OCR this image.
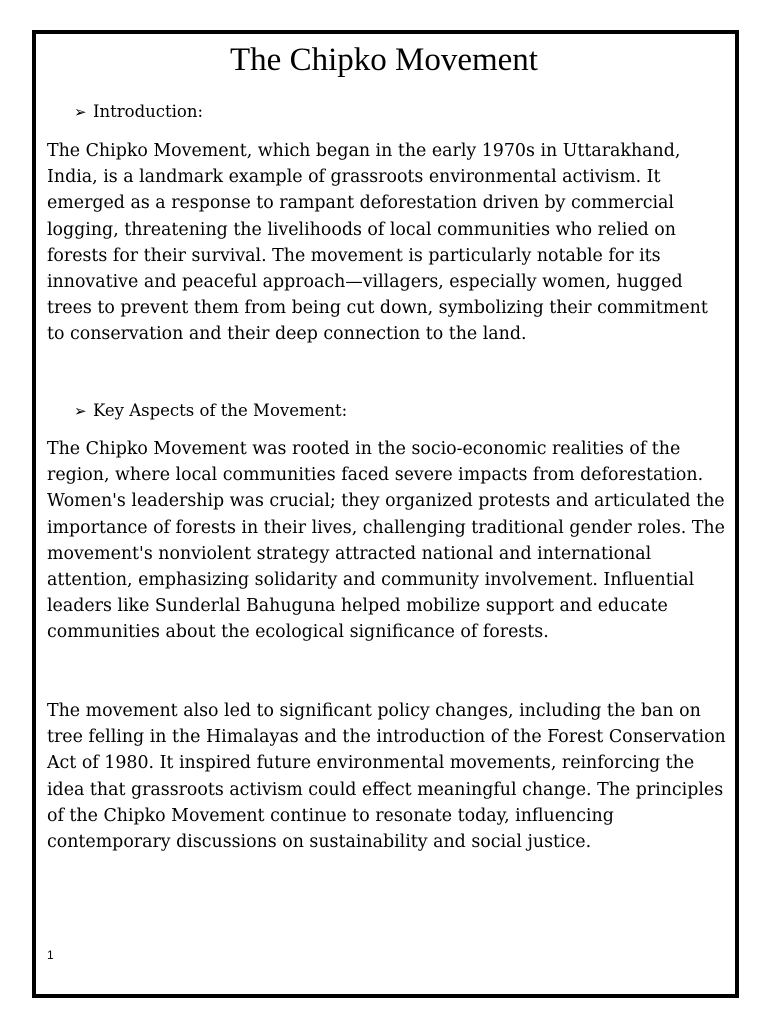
The Chipko Movement
➢ Introduction:

The Chipko Movement, which began in the early 1970s in Uttarakhand,
India, is a landmark example of grassroots environmental activism. It
emerged as a response to rampant deforestation driven by commercial
logging, threatening the livelihoods of local communities who relied on
forests for their survival. The movement is particularly notable for its
innovative and peaceful approach—villagers, especially women, hugged
trees to prevent them from being cut down, symbolizing their commitment
to conservation and their deep connection to the land.

➢ Key Aspects of the Movement:

The Chipko Movement was rooted in the socio-economic realities of the
region, where local communities faced severe impacts from deforestation.
Women's leadership was crucial; they organized protests and articulated the
importance of forests in their lives, challenging traditional gender roles. The
movement's nonviolent strategy attracted national and international
attention, emphasizing solidarity and community involvement. Influential
leaders like Sunderlal Bahuguna helped mobilize support and educate
communities about the ecological significance of forests.

The movement also led to significant policy changes, including the ban on
tree felling in the Himalayas and the introduction of the Forest Conservation
Act of 1980. It inspired future environmental movements, reinforcing the
idea that grassroots activism could effect meaningful change. The principles
of the Chipko Movement continue to resonate today, influencing
contemporary discussions on sustainability and social justice.

1
